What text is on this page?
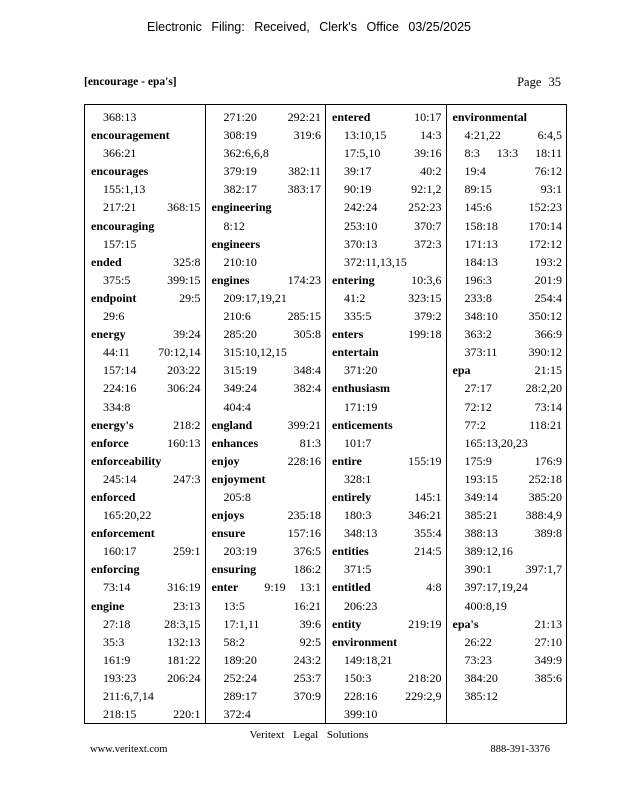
Electronic Filing: Received, Clerk's Office 03/25/2025
[encourage - epa's]	Page 35
368:13
encouragement
366:21
encourages
155:1,13
217:21	368:15
encouraging
157:15
ended	325:8
375:5	399:15
endpoint	29:5
29:6
energy	39:24
44:11 70:12,14
157:14	203:22
224:16	306:24
334:8
energy's	218:2
enforce	160:13
enforceability
245:14	247:3
enforced
165:20,22
enforcement
160:17	259:1
enforcing
73:14	316:19
engine	23:13
27:18	28:3,15
35:3	132:13
161:9	181:22
193:23	206:24
211:6,7,14
218:15	220:1
271:20	292:21
308:19	319:6
362:6,6,8
379:19	382:11
382:17	383:17
engineering
8:12
engineers
210:10
engines	174:23
209:17,19,21
210:6	285:15
285:20	305:8
315:10,12,15
315:19	348:4
349:24	382:4
404:4
england	399:21
enhances	81:3
enjoy	228:16
enjoyment
205:8
enjoys	235:18
ensure	157:16
203:19	376:5
ensuring	186:2
enter 9:19 13:1
13:5	16:21
17:1,11	39:6
58:2	92:5
189:20	243:2
252:24	253:7
289:17	370:9
372:4
entered	10:17
13:10,15	14:3
17:5,10	39:16
39:17	40:2
90:19	92:1,2
242:24	252:23
253:10	370:7
370:13	372:3
372:11,13,15
entering	10:3,6
41:2	323:15
335:5	379:2
enters	199:18
entertain
371:20
enthusiasm
171:19
enticements
101:7
entire	155:19
328:1
entirely	145:1
180:3	346:21
348:13	355:4
entities	214:5
371:5
entitled	4:8
206:23
entity	219:19
environment
149:18,21
150:3	218:20
228:16 229:2,9
399:10
environmental
4:21,22	6:4,5
8:3 13:3 18:11
19:4	76:12
89:15	93:1
145:6	152:23
158:18	170:14
171:13	172:12
184:13	193:2
196:3	201:9
233:8	254:4
348:10	350:12
363:2	366:9
373:11	390:12
epa	21:15
27:17	28:2,20
72:12	73:14
77:2	118:21
165:13,20,23
175:9	176:9
193:15	252:18
349:14	385:20
385:21 388:4,9
388:13	389:8
389:12,16
390:1	397:1,7
397:17,19,24
400:8,19
epa's	21:13
26:22	27:10
73:23	349:9
384:20	385:6
385:12
Veritext Legal Solutions
www.veritext.com	888-391-3376
